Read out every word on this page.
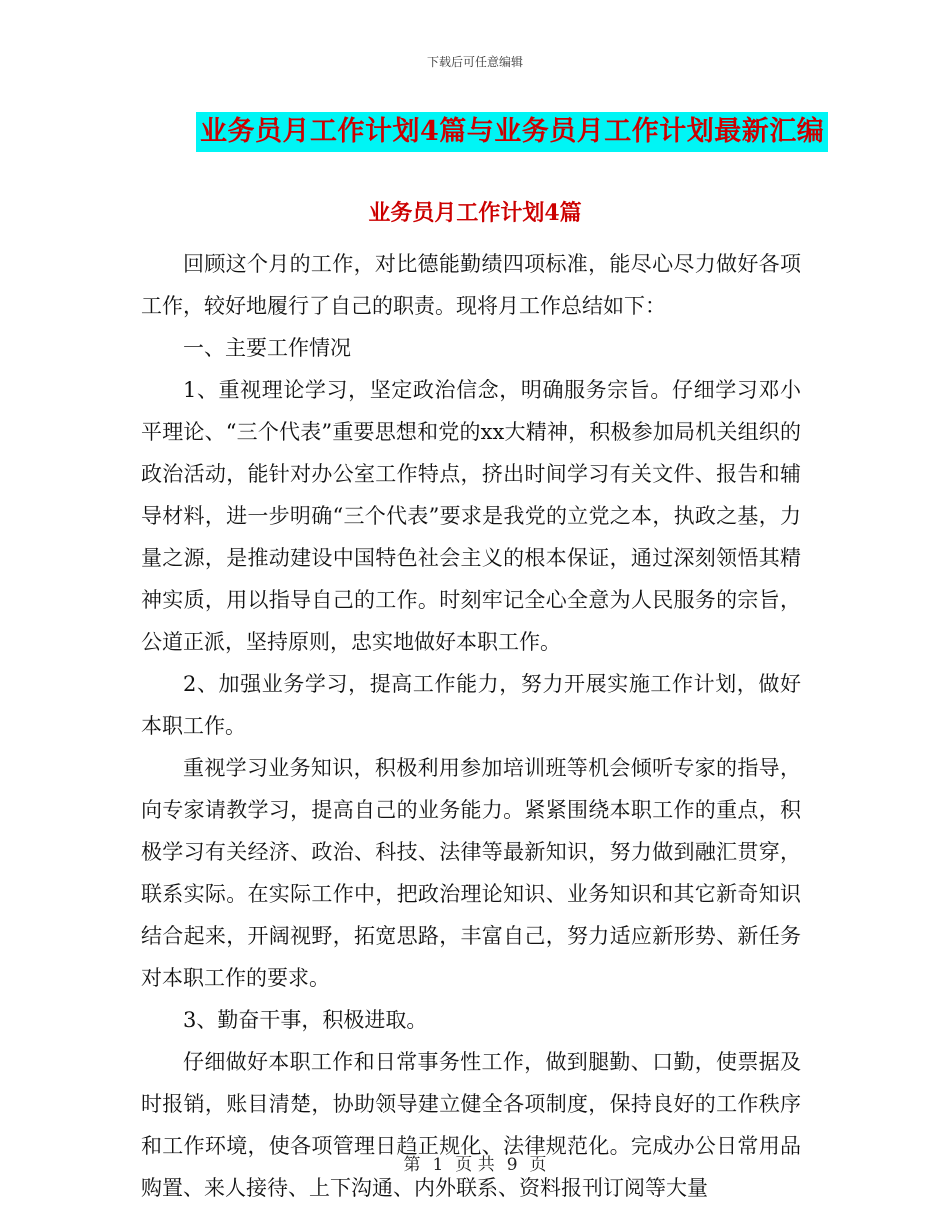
下载后可任意编辑
业务员月工作计划4篇与业务员月工作计划最新汇编
业务员月工作计划4篇

回顾这个月的工作，对比德能勤绩四项标准，能尽心尽力做好各项工作，较好地履行了自己的职责。现将月工作总结如下：

一、主要工作情况

1、重视理论学习，坚定政治信念，明确服务宗旨。仔细学习邓小平理论、“三个代表”重要思想和党的xx大精神，积极参加局机关组织的政治活动，能针对办公室工作特点，挤出时间学习有关文件、报告和辅导材料，进一步明确“三个代表”要求是我党的立党之本，执政之基，力量之源，是推动建设中国特色社会主义的根本保证，通过深刻领悟其精神实质，用以指导自己的工作。时刻牢记全心全意为人民服务的宗旨，公道正派，坚持原则，忠实地做好本职工作。

2、加强业务学习，提高工作能力，努力开展实施工作计划，做好本职工作。

重视学习业务知识，积极利用参加培训班等机会倾听专家的指导，向专家请教学习，提高自己的业务能力。紧紧围绕本职工作的重点，积极学习有关经济、政治、科技、法律等最新知识，努力做到融汇贯穿，联系实际。在实际工作中，把政治理论知识、业务知识和其它新奇知识结合起来，开阔视野，拓宽思路，丰富自己，努力适应新形势、新任务对本职工作的要求。

3、勤奋干事，积极进取。

仔细做好本职工作和日常事务性工作，做到腿勤、口勤，使票据及时报销，账目清楚，协助领导建立健全各项制度，保持良好的工作秩序和工作环境，使各项管理日趋正规化、法律规范化。完成办公日常用品购置、来人接待、上下沟通、内外联系、资料报刊订阅等大量

第 1 页 共 9 页
